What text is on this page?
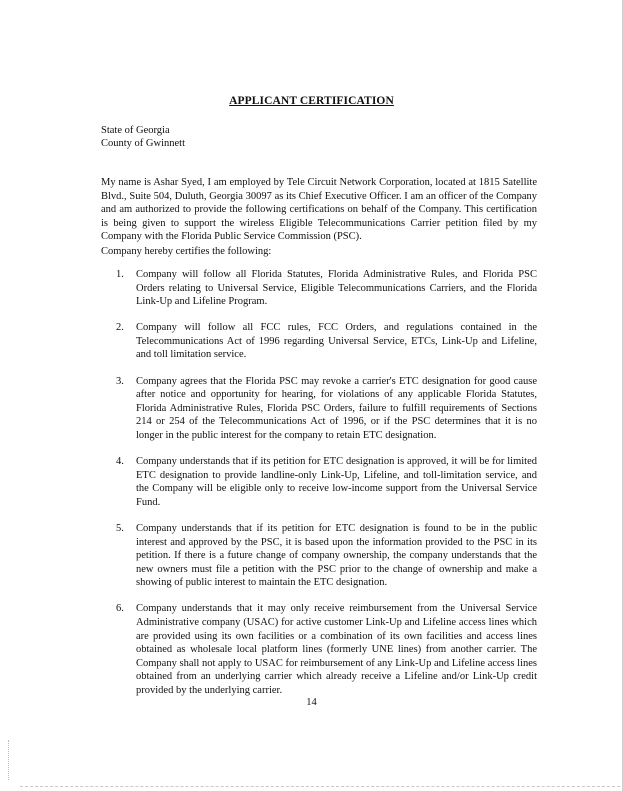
APPLICANT CERTIFICATION
State of Georgia
County of Gwinnett

My name is Ashar Syed, I am employed by Tele Circuit Network Corporation, located at 1815 Satellite Blvd., Suite 504, Duluth, Georgia 30097 as its Chief Executive Officer. I am an officer of the Company and am authorized to provide the following certifications on behalf of the Company. This certification is being given to support the wireless Eligible Telecommunications Carrier petition filed by my Company with the Florida Public Service Commission (PSC).

Company hereby certifies the following:

1.	Company will follow all Florida Statutes, Florida Administrative Rules, and Florida PSC Orders relating to Universal Service, Eligible Telecommunications Carriers, and the Florida Link-Up and Lifeline Program.
2.	Company will follow all FCC rules, FCC Orders, and regulations contained in the Telecommunications Act of 1996 regarding Universal Service, ETCs, Link-Up and Lifeline, and toll limitation service.
3.	Company agrees that the Florida PSC may revoke a carrier's ETC designation for good cause after notice and opportunity for hearing, for violations of any applicable Florida Statutes, Florida Administrative Rules, Florida PSC Orders, failure to fulfill requirements of Sections 214 or 254 of the Telecommunications Act of 1996, or if the PSC determines that it is no longer in the public interest for the company to retain ETC designation.
4.	Company understands that if its petition for ETC designation is approved, it will be for limited ETC designation to provide landline-only Link-Up, Lifeline, and toll-limitation service, and the Company will be eligible only to receive low-income support from the Universal Service Fund.
5.	Company understands that if its petition for ETC designation is found to be in the public interest and approved by the PSC, it is based upon the information provided to the PSC in its petition. If there is a future change of company ownership, the company understands that the new owners must file a petition with the PSC prior to the change of ownership and make a showing of public interest to maintain the ETC designation.
6.	Company understands that it may only receive reimbursement from the Universal Service Administrative company (USAC) for active customer Link-Up and Lifeline access lines which are provided using its own facilities or a combination of its own facilities and access lines obtained as wholesale local platform lines (formerly UNE lines) from another carrier. The Company shall not apply to USAC for reimbursement of any Link-Up and Lifeline access lines obtained from an underlying carrier which already receive a Lifeline and/or Link-Up credit provided by the underlying carrier.
14
